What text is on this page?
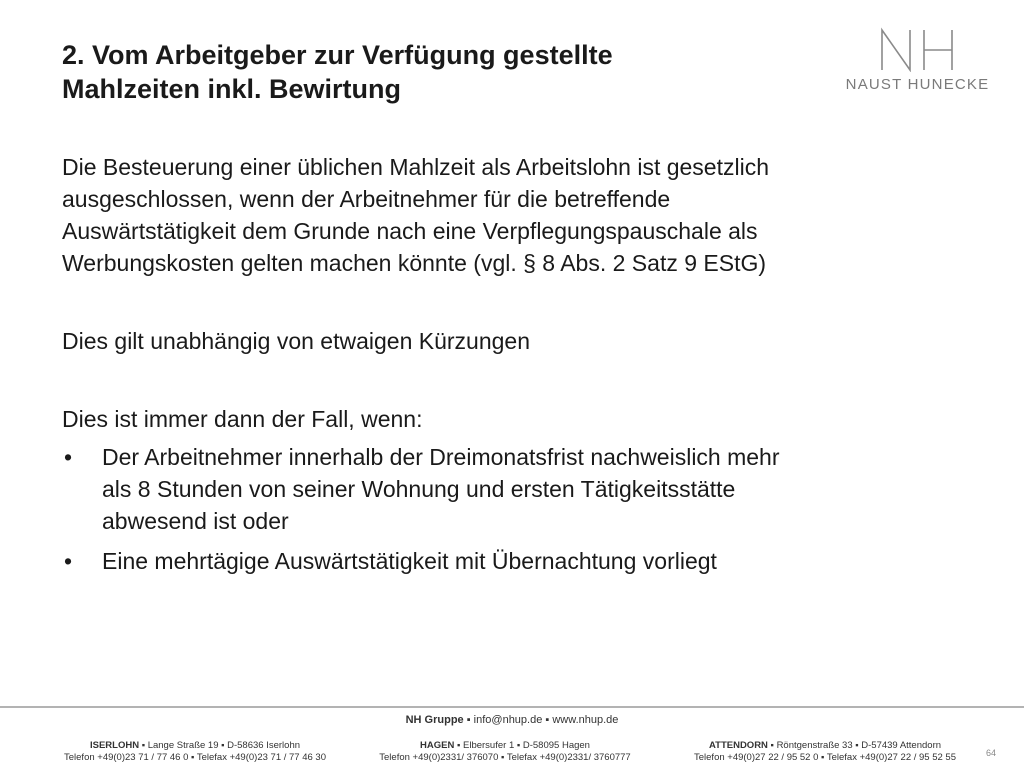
2. Vom Arbeitgeber zur Verfügung gestellte
Mahlzeiten inkl. Bewirtung	NAUST HUNECKE

Die Besteuerung einer üblichen Mahlzeit als Arbeitslohn ist gesetzlich
ausgeschlossen, wenn der Arbeitnehmer für die betreffende
Auswärtstätigkeit dem Grunde nach eine Verpflegungspauschale als
Werbungskosten gelten machen könnte (vgl. § 8 Abs. 2 Satz 9 EStG)

Dies gilt unabhängig von etwaigen Kürzungen

Dies ist immer dann der Fall, wenn:

• Der Arbeitnehmer innerhalb der Dreimonatsfrist nachweislich mehr
als 8 Stunden von seiner Wohnung und ersten Tätigkeitsstätte
abwesend ist oder
• Eine mehrtägige Auswärtstätigkeit mit Übernachtung vorliegt
NH Gruppe ▪ info@nhup.de ▪ www.nhup.de
ISERLOHN ▪ Lange Straße 19 ▪ D-58636 Iserlohn
Telefon +49(0)23 71 / 77 46 0 ▪ Telefax +49(0)23 71 / 77 46 30
HAGEN ▪ Elbersufer 1 ▪ D-58095 Hagen
Telefon +49(0)2331/ 376070 ▪ Telefax +49(0)2331/ 3760777
ATTENDORN ▪ Röntgenstraße 33 ▪ D-57439 Attendorn
Telefon +49(0)27 22 / 95 52 0 ▪ Telefax +49(0)27 22 / 95 52 55	64
